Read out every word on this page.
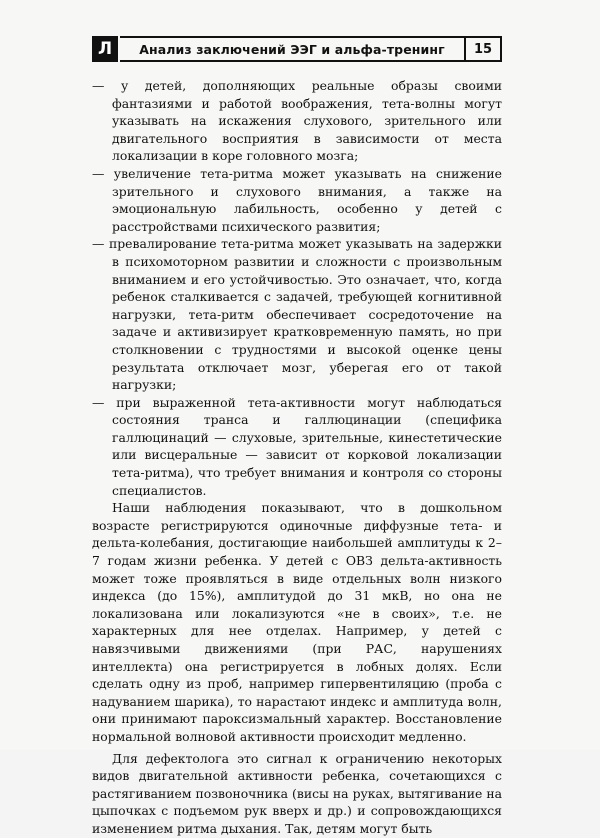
Л	Анализ заключений ЭЭГ и альфа-тренинг	15

— у детей, дополняющих реальные образы своими фантазиями и работой воображения, тета-волны могут указывать на искажения слухового, зрительного или двигательного восприятия в зависимости от места локализации в коре головного мозга;

— увеличение тета-ритма может указывать на снижение зрительного и слухового внимания, а также на эмоциональную лабильность, особенно у детей с расстройствами психического развития;

— превалирование тета-ритма может указывать на задержки в психомоторном развитии и сложности с произвольным вниманием и его устойчивостью. Это означает, что, когда ребенок сталкивается с задачей, требующей когнитивной нагрузки, тета-ритм обеспечивает сосредоточение на задаче и активизирует кратковременную память, но при столкновении с трудностями и высокой оценке цены результата отключает мозг, уберегая его от такой нагрузки;

— при выраженной тета-активности могут наблюдаться состояния транса и галлюцинации (специфика галлюцинаций — слуховые, зрительные, кинестетические или висцеральные — зависит от корковой локализации тета-ритма), что требует внимания и контроля со стороны специалистов.

Наши наблюдения показывают, что в дошкольном возрасте регистрируются одиночные диффузные тета- и дельта-колебания, достигающие наибольшей амплитуды к 2–7 годам жизни ребенка. У детей с ОВЗ дельта-активность может тоже проявляться в виде отдельных волн низкого индекса (до 15%), амплитудой до 31 мкВ, но она не локализована или локализуются «не в своих», т.е. не характерных для нее отделах. Например, у детей с навязчивыми движениями (при РАС, нарушениях интеллекта) она регистрируется в лобных долях. Если сделать одну из проб, например гипервентиляцию (проба с надуванием шарика), то нарастают индекс и амплитуда волн, они принимают пароксизмальный характер. Восстановление нормальной волновой активности происходит медленно.

Для дефектолога это сигнал к ограничению некоторых видов двигательной активности ребенка, сочетающихся с растягиванием позвоночника (висы на руках, вытягивание на цыпочках с подъемом рук вверх и др.) и сопровождающихся изменением ритма дыхания. Так, детям могут быть
